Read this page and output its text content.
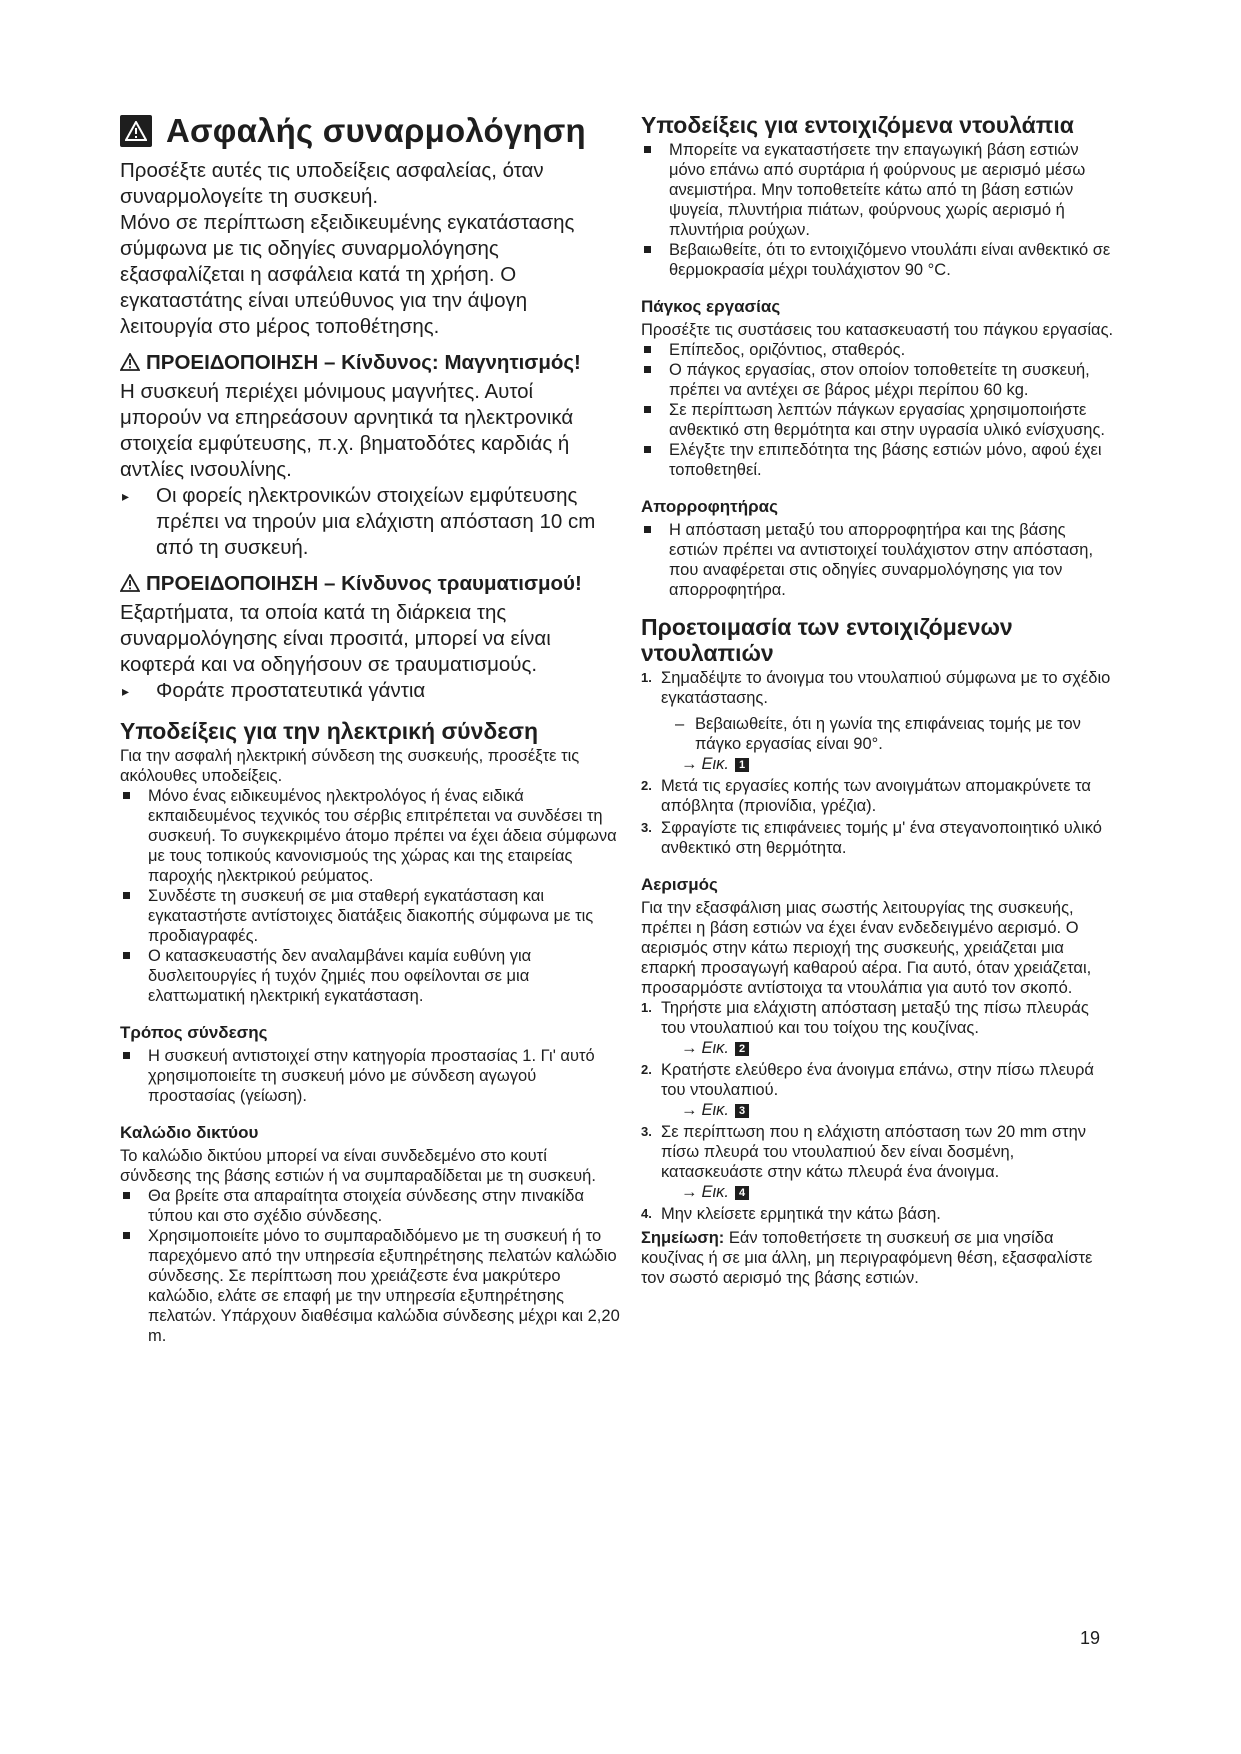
Ασφαλής συναρμολόγηση

Προσέξτε αυτές τις υποδείξεις ασφαλείας, όταν συναρμολογείτε τη συσκευή.

Μόνο σε περίπτωση εξειδικευμένης εγκατάστασης σύμφωνα με τις οδηγίες συναρμολόγησης εξασφαλίζεται η ασφάλεια κατά τη χρήση. Ο εγκαταστάτης είναι υπεύθυνος για την άψογη λειτουργία στο μέρος τοποθέτησης.

ΠΡΟΕΙΔΟΠΟΙΗΣΗ – Κίνδυνος: Μαγνητισμός!

Η συσκευή περιέχει μόνιμους μαγνήτες. Αυτοί μπορούν να επηρεάσουν αρνητικά τα ηλεκτρονικά στοιχεία εμφύτευσης, π.χ. βηματοδότες καρδιάς ή αντλίες ινσουλίνης.

▸ Οι φορείς ηλεκτρονικών στοιχείων εμφύτευσης πρέπει να τηρούν μια ελάχιστη απόσταση 10 cm από τη συσκευή.
ΠΡΟΕΙΔΟΠΟΙΗΣΗ – Κίνδυνος τραυματισμού!

Εξαρτήματα, τα οποία κατά τη διάρκεια της συναρμολόγησης είναι προσιτά, μπορεί να είναι κοφτερά και να οδηγήσουν σε τραυματισμούς.

▸ Φοράτε προστατευτικά γάντια
Υποδείξεις για την ηλεκτρική σύνδεση

Για την ασφαλή ηλεκτρική σύνδεση της συσκευής, προσέξτε τις ακόλουθες υποδείξεις.

Μόνο ένας ειδικευμένος ηλεκτρολόγος ή ένας ειδικά εκπαιδευμένος τεχνικός του σέρβις επιτρέπεται να συνδέσει τη συσκευή. Το συγκεκριμένο άτομο πρέπει να έχει άδεια σύμφωνα με τους τοπικούς κανονισμούς της χώρας και της εταιρείας παροχής ηλεκτρικού ρεύματος.
Συνδέστε τη συσκευή σε μια σταθερή εγκατάσταση και εγκαταστήστε αντίστοιχες διατάξεις διακοπής σύμφωνα με τις προδιαγραφές.
Ο κατασκευαστής δεν αναλαμβάνει καμία ευθύνη για δυσλειτουργίες ή τυχόν ζημιές που οφείλονται σε μια ελαττωματική ηλεκτρική εγκατάσταση.
Τρόπος σύνδεσης
Η συσκευή αντιστοιχεί στην κατηγορία προστασίας 1. Γι' αυτό χρησιμοποιείτε τη συσκευή μόνο με σύνδεση αγωγού προστασίας (γείωση).
Καλώδιο δικτύου

Το καλώδιο δικτύου μπορεί να είναι συνδεδεμένο στο κουτί σύνδεσης της βάσης εστιών ή να συμπαραδίδεται με τη συσκευή.

Θα βρείτε στα απαραίτητα στοιχεία σύνδεσης στην πινακίδα τύπου και στο σχέδιο σύνδεσης.
Χρησιμοποιείτε μόνο το συμπαραδιδόμενο με τη συσκευή ή το παρεχόμενο από την υπηρεσία εξυπηρέτησης πελατών καλώδιο σύνδεσης. Σε περίπτωση που χρειάζεστε ένα μακρύτερο καλώδιο, ελάτε σε επαφή με την υπηρεσία εξυπηρέτησης πελατών. Υπάρχουν διαθέσιμα καλώδια σύνδεσης μέχρι και 2,20 m.
Υποδείξεις για εντοιχιζόμενα ντουλάπια
Μπορείτε να εγκαταστήσετε την επαγωγική βάση εστιών μόνο επάνω από συρτάρια ή φούρνους με αερισμό μέσω ανεμιστήρα. Μην τοποθετείτε κάτω από τη βάση εστιών ψυγεία, πλυντήρια πιάτων, φούρνους χωρίς αερισμό ή πλυντήρια ρούχων.
Βεβαιωθείτε, ότι το εντοιχιζόμενο ντουλάπι είναι ανθεκτικό σε θερμοκρασία μέχρι τουλάχιστον 90 °C.
Πάγκος εργασίας

Προσέξτε τις συστάσεις του κατασκευαστή του πάγκου εργασίας.

Επίπεδος, οριζόντιος, σταθερός.
Ο πάγκος εργασίας, στον οποίον τοποθετείτε τη συσκευή, πρέπει να αντέχει σε βάρος μέχρι περίπου 60 kg.
Σε περίπτωση λεπτών πάγκων εργασίας χρησιμοποιήστε ανθεκτικό στη θερμότητα και στην υγρασία υλικό ενίσχυσης.
Ελέγξτε την επιπεδότητα της βάσης εστιών μόνο, αφού έχει τοποθετηθεί.
Απορροφητήρας
Η απόσταση μεταξύ του απορροφητήρα και της βάσης εστιών πρέπει να αντιστοιχεί τουλάχιστον στην απόσταση, που αναφέρεται στις οδηγίες συναρμολόγησης για τον απορροφητήρα.
Προετοιμασία των εντοιχιζόμενων ντουλαπιών
1. Σημαδέψτε το άνοιγμα του ντουλαπιού σύμφωνα με το σχέδιο εγκατάστασης.
– Βεβαιωθείτε, ότι η γωνία της επιφάνειας τομής με τον πάγκο εργασίας είναι 90°.
→ Εικ. 1
2. Μετά τις εργασίες κοπής των ανοιγμάτων απομακρύνετε τα απόβλητα (πριονίδια, γρέζια).
3. Σφραγίστε τις επιφάνειες τομής μ' ένα στεγανοποιητικό υλικό ανθεκτικό στη θερμότητα.
Αερισμός

Για την εξασφάλιση μιας σωστής λειτουργίας της συσκευής, πρέπει η βάση εστιών να έχει έναν ενδεδειγμένο αερισμό. Ο αερισμός στην κάτω περιοχή της συσκευής, χρειάζεται μια επαρκή προσαγωγή καθαρού αέρα. Για αυτό, όταν χρειάζεται, προσαρμόστε αντίστοιχα τα ντουλάπια για αυτό τον σκοπό.

1. Τηρήστε μια ελάχιστη απόσταση μεταξύ της πίσω πλευράς του ντουλαπιού και του τοίχου της κουζίνας.
→ Εικ. 2
2. Κρατήστε ελεύθερο ένα άνοιγμα επάνω, στην πίσω πλευρά του ντουλαπιού.
→ Εικ. 3
3. Σε περίπτωση που η ελάχιστη απόσταση των 20 mm στην πίσω πλευρά του ντουλαπιού δεν είναι δοσμένη, κατασκευάστε στην κάτω πλευρά ένα άνοιγμα.
→ Εικ. 4
4. Μην κλείσετε ερμητικά την κάτω βάση.

Σημείωση: Εάν τοποθετήσετε τη συσκευή σε μια νησίδα κουζίνας ή σε μια άλλη, μη περιγραφόμενη θέση, εξασφαλίστε τον σωστό αερισμό της βάσης εστιών.

19
